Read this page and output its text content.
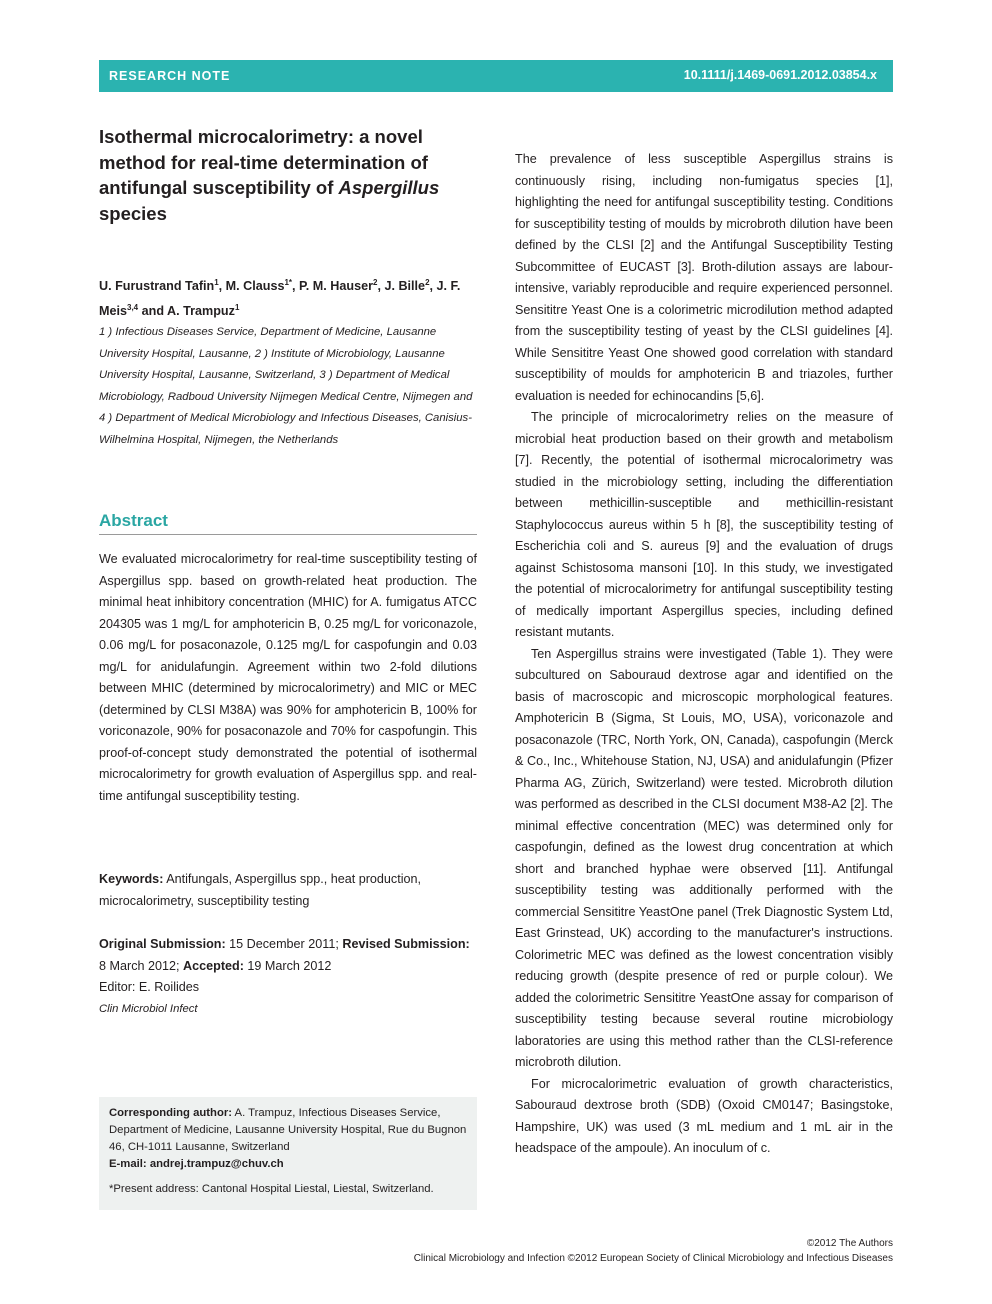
RESEARCH NOTE	10.1111/j.1469-0691.2012.03854.x
Isothermal microcalorimetry: a novel method for real-time determination of antifungal susceptibility of Aspergillus species
U. Furustrand Tafin$^1$, M. Clauss$^{1*}$, P. M. Hauser$^2$, J. Bille$^2$, J. F. Meis$^{3,4}$ and A. Trampuz$^1$
1 ) Infectious Diseases Service, Department of Medicine, Lausanne University Hospital, Lausanne, 2 ) Institute of Microbiology, Lausanne University Hospital, Lausanne, Switzerland, 3 ) Department of Medical Microbiology, Radboud University Nijmegen Medical Centre, Nijmegen and 4 ) Department of Medical Microbiology and Infectious Diseases, Canisius-Wilhelmina Hospital, Nijmegen, the Netherlands
Abstract
We evaluated microcalorimetry for real-time susceptibility testing of Aspergillus spp. based on growth-related heat production. The minimal heat inhibitory concentration (MHIC) for A. fumigatus ATCC 204305 was 1 mg/L for amphotericin B, 0.25 mg/L for voriconazole, 0.06 mg/L for posaconazole, 0.125 mg/L for caspofungin and 0.03 mg/L for anidulafungin. Agreement within two 2-fold dilutions between MHIC (determined by microcalorimetry) and MIC or MEC (determined by CLSI M38A) was 90% for amphotericin B, 100% for voriconazole, 90% for posaconazole and 70% for caspofungin. This proof-of-concept study demonstrated the potential of isothermal microcalorimetry for growth evaluation of Aspergillus spp. and real-time antifungal susceptibility testing.
Keywords: Antifungals, Aspergillus spp., heat production, microcalorimetry, susceptibility testing
Original Submission: 15 December 2011; Revised Submission: 8 March 2012; Accepted: 19 March 2012
Editor: E. Roilides
Clin Microbiol Infect
Corresponding author: A. Trampuz, Infectious Diseases Service, Department of Medicine, Lausanne University Hospital, Rue du Bugnon 46, CH-1011 Lausanne, Switzerland
E-mail: andrej.trampuz@chuv.ch
*Present address: Cantonal Hospital Liestal, Liestal, Switzerland.

The prevalence of less susceptible Aspergillus strains is continuously rising, including non-fumigatus species [1], highlighting the need for antifungal susceptibility testing. Conditions for susceptibility testing of moulds by microbroth dilution have been defined by the CLSI [2] and the Antifungal Susceptibility Testing Subcommittee of EUCAST [3]. Broth-dilution assays are labour-intensive, variably reproducible and require experienced personnel. Sensititre Yeast One is a colorimetric microdilution method adapted from the susceptibility testing of yeast by the CLSI guidelines [4]. While Sensititre Yeast One showed good correlation with standard susceptibility of moulds for amphotericin B and triazoles, further evaluation is needed for echinocandins [5,6].

The principle of microcalorimetry relies on the measure of microbial heat production based on their growth and metabolism [7]. Recently, the potential of isothermal microcalorimetry was studied in the microbiology setting, including the differentiation between methicillin-susceptible and methicillin-resistant Staphylococcus aureus within 5 h [8], the susceptibility testing of Escherichia coli and S. aureus [9] and the evaluation of drugs against Schistosoma mansoni [10]. In this study, we investigated the potential of microcalorimetry for antifungal susceptibility testing of medically important Aspergillus species, including defined resistant mutants.

Ten Aspergillus strains were investigated (Table 1). They were subcultured on Sabouraud dextrose agar and identified on the basis of macroscopic and microscopic morphological features. Amphotericin B (Sigma, St Louis, MO, USA), voriconazole and posaconazole (TRC, North York, ON, Canada), caspofungin (Merck & Co., Inc., Whitehouse Station, NJ, USA) and anidulafungin (Pfizer Pharma AG, Zürich, Switzerland) were tested. Microbroth dilution was performed as described in the CLSI document M38-A2 [2]. The minimal effective concentration (MEC) was determined only for caspofungin, defined as the lowest drug concentration at which short and branched hyphae were observed [11]. Antifungal susceptibility testing was additionally performed with the commercial Sensititre YeastOne panel (Trek Diagnostic System Ltd, East Grinstead, UK) according to the manufacturer's instructions. Colorimetric MEC was defined as the lowest concentration visibly reducing growth (despite presence of red or purple colour). We added the colorimetric Sensititre YeastOne assay for comparison of susceptibility testing because several routine microbiology laboratories are using this method rather than the CLSI-reference microbroth dilution.

For microcalorimetric evaluation of growth characteristics, Sabouraud dextrose broth (SDB) (Oxoid CM0147; Basingstoke, Hampshire, UK) was used (3 mL medium and 1 mL air in the headspace of the ampoule). An inoculum of c.

©2012 The Authors
Clinical Microbiology and Infection ©2012 European Society of Clinical Microbiology and Infectious Diseases
